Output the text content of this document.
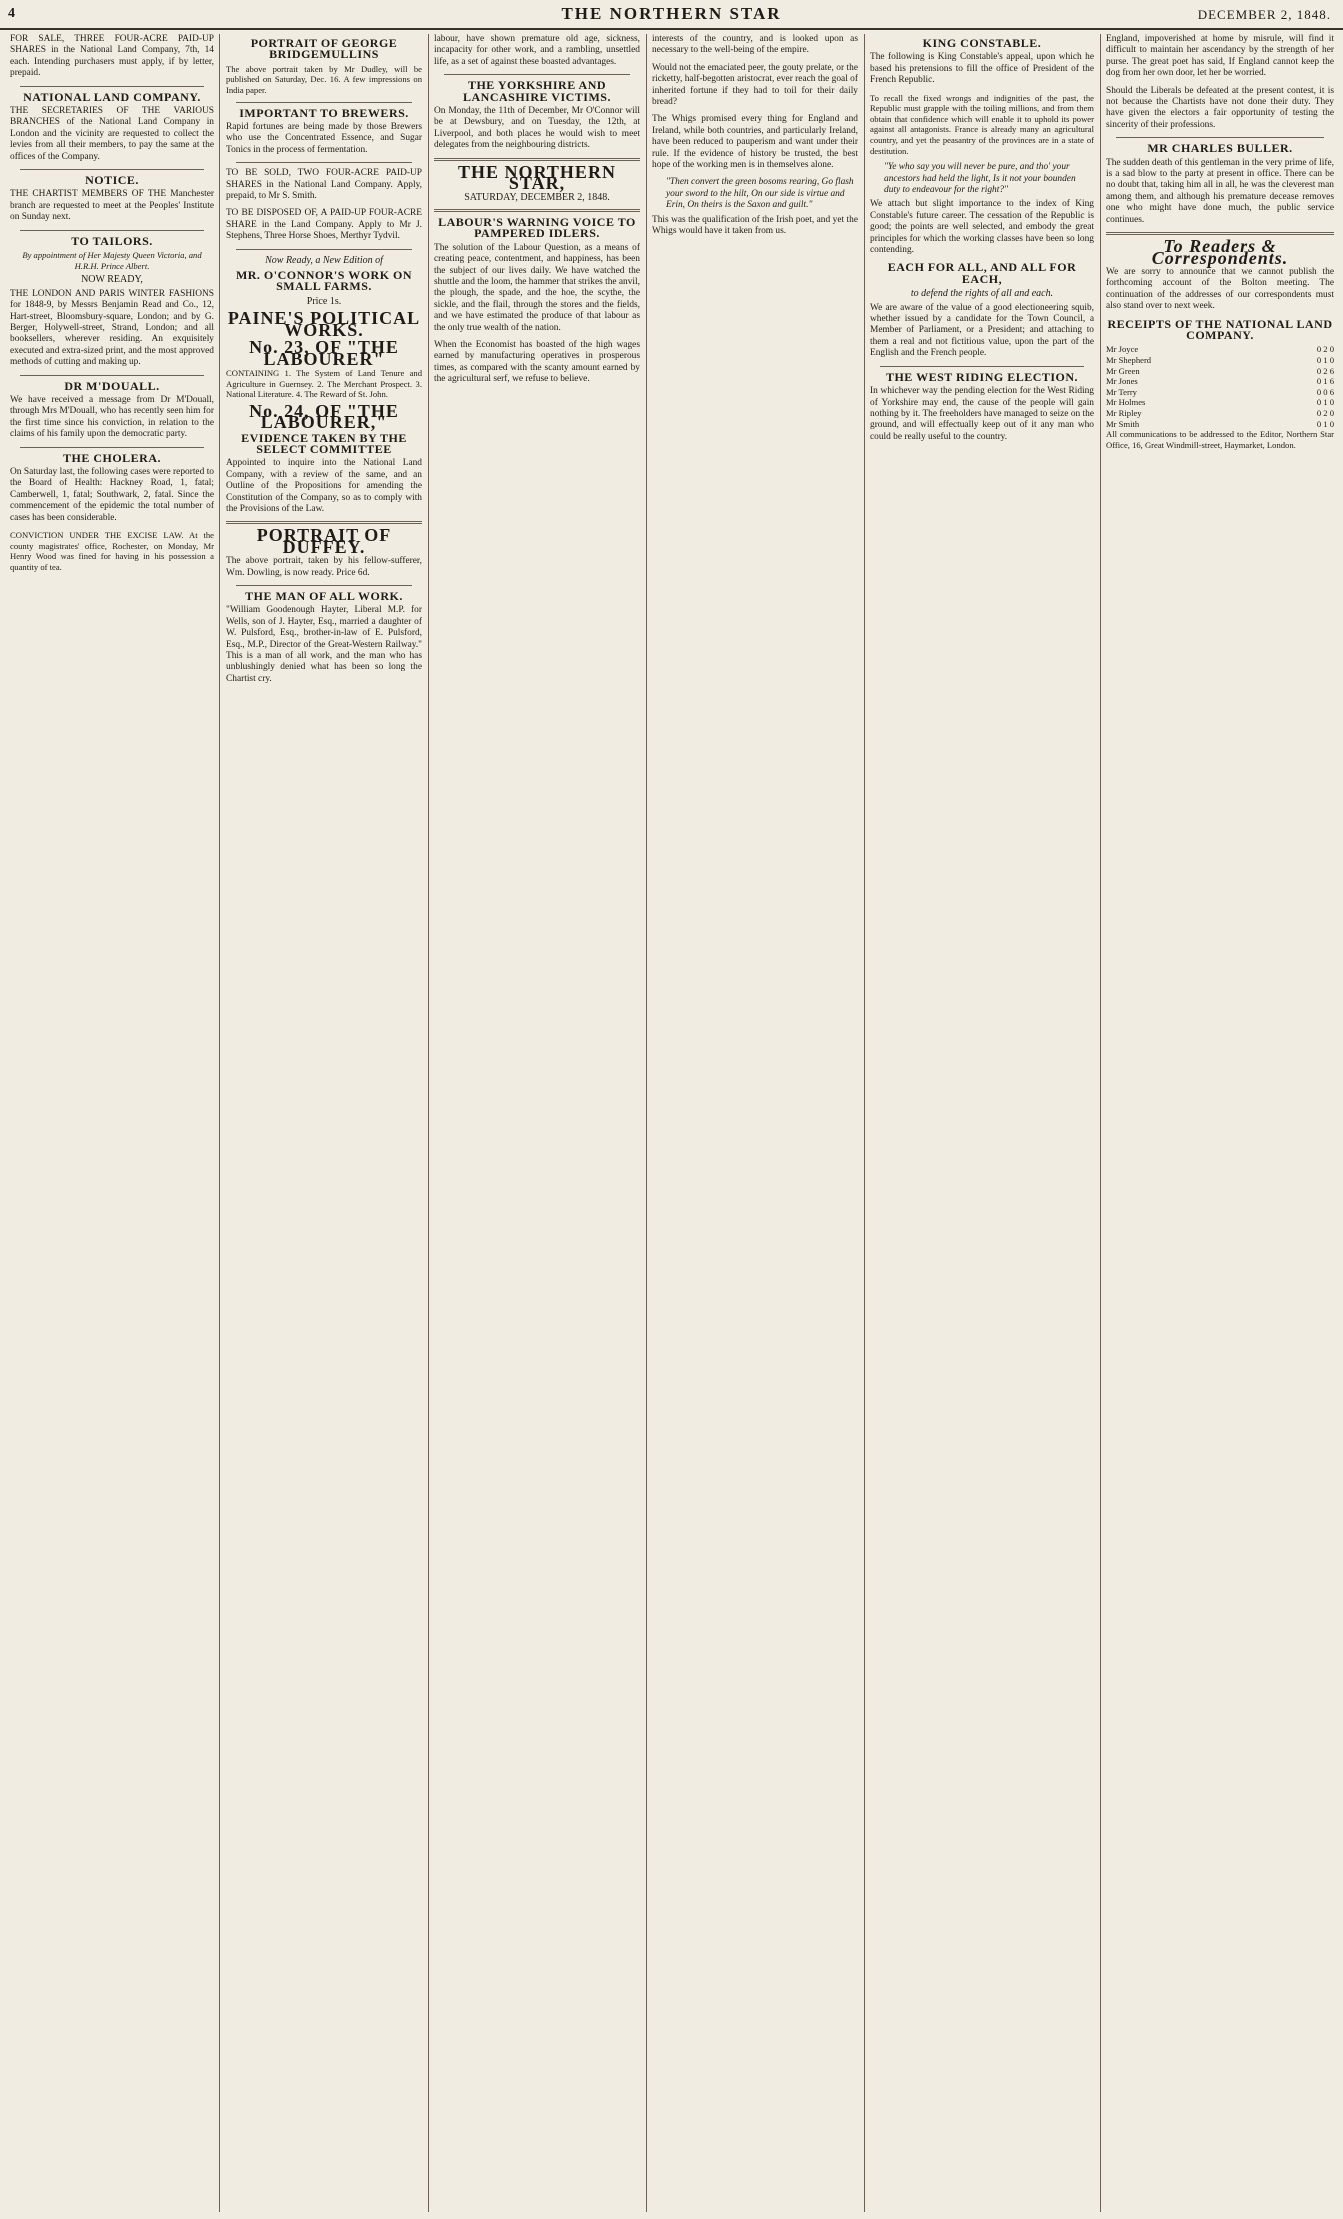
4	THE NORTHERN STAR	DECEMBER 2, 1848.

FOR SALE, THREE FOUR-ACRE PAID-UP SHARES in the National Land Company, 7th, 14 each. Intending purchasers must apply, if by letter, prepaid.

NATIONAL LAND COMPANY.

THE SECRETARIES OF THE VARIOUS BRANCHES of the National Land Company in London and the vicinity are requested to collect the levies from all their members, to pay the same at the offices of the Company.

NOTICE.

THE CHARTIST MEMBERS OF THE Manchester branch are requested to meet at the Peoples' Institute on Sunday next.

TO TAILORS.
By appointment of Her Majesty Queen Victoria, and H.R.H. Prince Albert.
NOW READY,

THE LONDON AND PARIS WINTER FASHIONS for 1848-9, by Messrs Benjamin Read and Co., 12, Hart-street, Bloomsbury-square, London; and by G. Berger, Holywell-street, Strand, London; and all booksellers, wherever residing. An exquisitely executed and extra-sized print, and the most approved methods of cutting and making up.

DR M'DOUALL.

We have received a message from Dr M'Douall, through Mrs M'Douall, who has recently seen him for the first time since his conviction, in relation to the claims of his family upon the democratic party.

THE CHOLERA.

On Saturday last, the following cases were reported to the Board of Health: Hackney Road, 1, fatal; Camberwell, 1, fatal; Southwark, 2, fatal. Since the commencement of the epidemic the total number of cases has been considerable.

CONVICTION UNDER THE EXCISE LAW. At the county magistrates' office, Rochester, on Monday, Mr Henry Wood was fined for having in his possession a quantity of tea.

PORTRAIT OF GEORGE BRIDGEMULLINS

The above portrait taken by Mr Dudley, will be published on Saturday, Dec. 16. A few impressions on India paper.

IMPORTANT TO BREWERS.

Rapid fortunes are being made by those Brewers who use the Concentrated Essence, and Sugar Tonics in the process of fermentation.

TO BE SOLD, TWO FOUR-ACRE PAID-UP SHARES in the National Land Company. Apply, prepaid, to Mr S. Smith.

TO BE DISPOSED OF, A PAID-UP FOUR-ACRE SHARE in the Land Company. Apply to Mr J. Stephens, Three Horse Shoes, Merthyr Tydvil.

Now Ready, a New Edition of
MR. O'CONNOR'S WORK ON SMALL FARMS.
Price 1s.
PAINE'S POLITICAL WORKS.
No. 23, OF "THE LABOURER"

CONTAINING 1. The System of Land Tenure and Agriculture in Guernsey. 2. The Merchant Prospect. 3. National Literature. 4. The Reward of St. John.

No. 24, OF "THE LABOURER,"
EVIDENCE TAKEN BY THE SELECT COMMITTEE

Appointed to inquire into the National Land Company, with a review of the same, and an Outline of the Propositions for amending the Constitution of the Company, so as to comply with the Provisions of the Law.

PORTRAIT OF DUFFEY.

The above portrait, taken by his fellow-sufferer, Wm. Dowling, is now ready. Price 6d.

THE MAN OF ALL WORK.

"William Goodenough Hayter, Liberal M.P. for Wells, son of J. Hayter, Esq., married a daughter of W. Pulsford, Esq., brother-in-law of E. Pulsford, Esq., M.P., Director of the Great-Western Railway." This is a man of all work, and the man who has unblushingly denied what has been so long the Chartist cry.

labour, have shown premature old age, sickness, incapacity for other work, and a rambling, unsettled life, as a set of against these boasted advantages.

THE YORKSHIRE AND LANCASHIRE VICTIMS.

On Monday, the 11th of December, Mr O'Connor will be at Dewsbury, and on Tuesday, the 12th, at Liverpool, and both places he would wish to meet delegates from the neighbouring districts.

THE NORTHERN STAR,
SATURDAY, DECEMBER 2, 1848.
LABOUR'S WARNING VOICE TO PAMPERED IDLERS.

The solution of the Labour Question, as a means of creating peace, contentment, and happiness, has been the subject of our lives daily. We have watched the shuttle and the loom, the hammer that strikes the anvil, the plough, the spade, and the hoe, the scythe, the sickle, and the flail, through the stores and the fields, and we have estimated the produce of that labour as the only true wealth of the nation.

When the Economist has boasted of the high wages earned by manufacturing operatives in prosperous times, as compared with the scanty amount earned by the agricultural serf, we refuse to believe.

interests of the country, and is looked upon as necessary to the well-being of the empire.

Would not the emaciated peer, the gouty prelate, or the ricketty, half-begotten aristocrat, ever reach the goal of inherited fortune if they had to toil for their daily bread?

The Whigs promised every thing for England and Ireland, while both countries, and particularly Ireland, have been reduced to pauperism and want under their rule. If the evidence of history be trusted, the best hope of the working men is in themselves alone.

"Then convert the green bosoms rearing, Go flash your sword to the hilt, On our side is virtue and Erin, On theirs is the Saxon and guilt."

This was the qualification of the Irish poet, and yet the Whigs would have it taken from us.

KING CONSTABLE.

The following is King Constable's appeal, upon which he based his pretensions to fill the office of President of the French Republic.

To recall the fixed wrongs and indignities of the past, the Republic must grapple with the toiling millions, and from them obtain that confidence which will enable it to uphold its power against all antagonists. France is already many an agricultural country, and yet the peasantry of the provinces are in a state of destitution.

"Ye who say you will never be pure, and tho' your ancestors had held the light, Is it not your bounden duty to endeavour for the right?"

We attach but slight importance to the index of King Constable's future career. The cessation of the Republic is good; the points are well selected, and embody the great principles for which the working classes have been so long contending.

EACH FOR ALL, AND ALL FOR EACH,
to defend the rights of all and each.

We are aware of the value of a good electioneering squib, whether issued by a candidate for the Town Council, a Member of Parliament, or a President; and attaching to them a real and not fictitious value, upon the part of the English and the French people.

THE WEST RIDING ELECTION.

In whichever way the pending election for the West Riding of Yorkshire may end, the cause of the people will gain nothing by it. The freeholders have managed to seize on the ground, and will effectually keep out of it any man who could be really useful to the country.

England, impoverished at home by misrule, will find it difficult to maintain her ascendancy by the strength of her purse. The great poet has said, If England cannot keep the dog from her own door, let her be worried.

Should the Liberals be defeated at the present contest, it is not because the Chartists have not done their duty. They have given the electors a fair opportunity of testing the sincerity of their professions.

MR CHARLES BULLER.

The sudden death of this gentleman in the very prime of life, is a sad blow to the party at present in office. There can be no doubt that, taking him all in all, he was the cleverest man among them, and although his premature decease removes one who might have done much, the public service continues.

To Readers & Correspondents.

We are sorry to announce that we cannot publish the forthcoming account of the Bolton meeting. The continuation of the addresses of our correspondents must also stand over to next week.

RECEIPTS OF THE NATIONAL LAND COMPANY.
Mr Joyce	0 2 0
Mr Shepherd	0 1 0
Mr Green	0 2 6
Mr Jones	0 1 6
Mr Terry	0 0 6
Mr Holmes	0 1 0
Mr Ripley	0 2 0
Mr Smith	0 1 0

All communications to be addressed to the Editor, Northern Star Office, 16, Great Windmill-street, Haymarket, London.
